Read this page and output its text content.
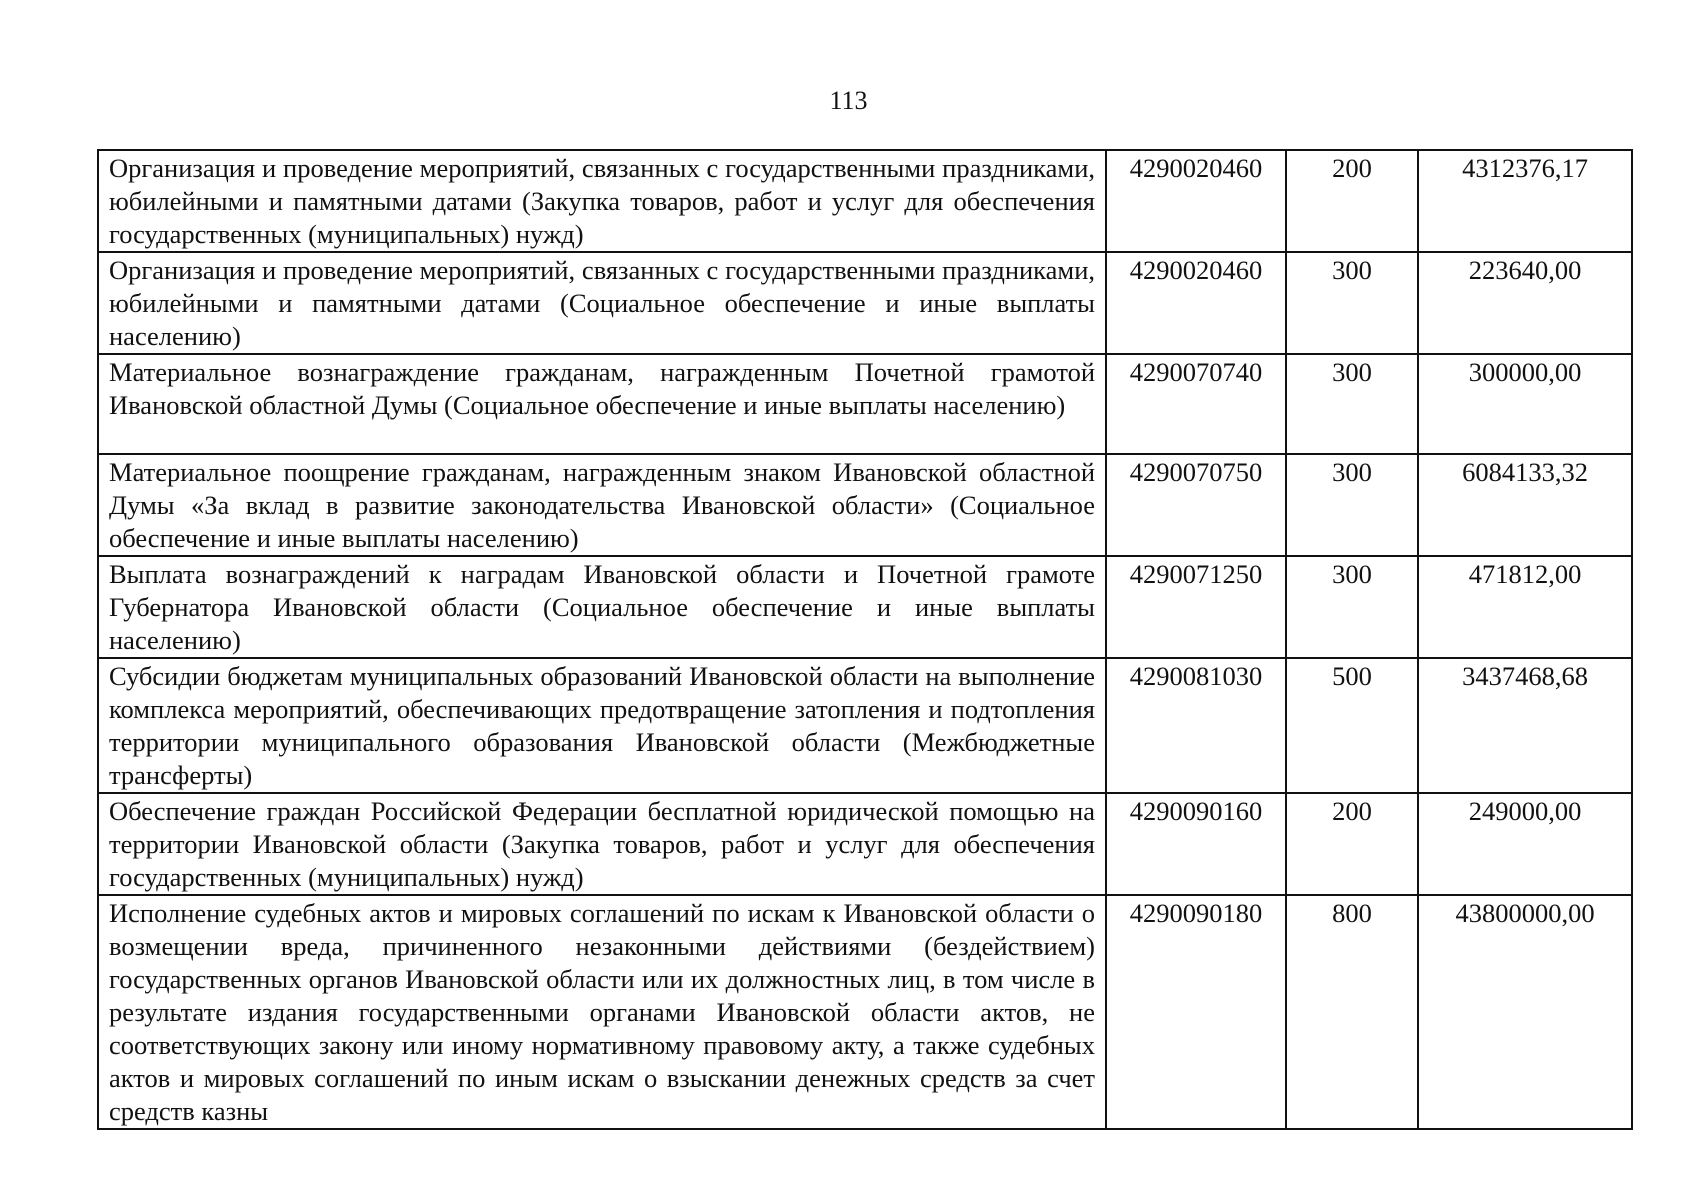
113
Организация и проведение мероприятий, связанных с государственными праздниками, юбилейными и памятными датами (Закупка товаров, работ и услуг для обеспечения государственных (муниципальных) нужд)	4290020460	200	4312376,17
Организация и проведение мероприятий, связанных с государственными праздниками, юбилейными и памятными датами (Социальное обеспечение и иные выплаты населению)	4290020460	300	223640,00
Материальное вознаграждение гражданам, награжденным Почетной грамотой Ивановской областной Думы (Социальное обеспечение и иные выплаты населению)	4290070740	300	300000,00
Материальное поощрение гражданам, награжденным знаком Ивановской областной Думы «За вклад в развитие законодательства Ивановской области» (Социальное обеспечение и иные выплаты населению)	4290070750	300	6084133,32
Выплата вознаграждений к наградам Ивановской области и Почетной грамоте Губернатора Ивановской области (Социальное обеспечение и иные выплаты населению)	4290071250	300	471812,00
Субсидии бюджетам муниципальных образований Ивановской области на выполнение комплекса мероприятий, обеспечивающих предотвращение затопления и подтопления территории муниципального образования Ивановской области (Межбюджетные трансферты)	4290081030	500	3437468,68
Обеспечение граждан Российской Федерации бесплатной юридической помощью на территории Ивановской области (Закупка товаров, работ и услуг для обеспечения государственных (муниципальных) нужд)	4290090160	200	249000,00
Исполнение судебных актов и мировых соглашений по искам к Ивановской области о возмещении вреда, причиненного незаконными действиями (бездействием) государственных органов Ивановской области или их должностных лиц, в том числе в результате издания государственными органами Ивановской области актов, не соответствующих закону или иному нормативному правовому акту, а также судебных актов и мировых соглашений по иным искам о взыскании денежных средств за счет средств казны	4290090180	800	43800000,00
